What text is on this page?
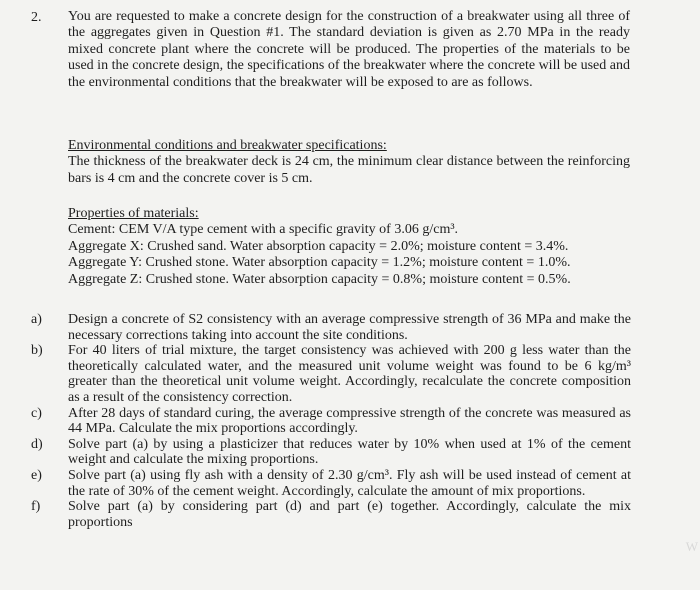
2. You are requested to make a concrete design for the construction of a breakwater using all three of the aggregates given in Question #1. The standard deviation is given as 2.70 MPa in the ready mixed concrete plant where the concrete will be produced. The properties of the materials to be used in the concrete design, the specifications of the breakwater where the concrete will be used and the environmental conditions that the breakwater will be exposed to are as follows.

Environmental conditions and breakwater specifications:
The thickness of the breakwater deck is 24 cm, the minimum clear distance between the reinforcing bars is 4 cm and the concrete cover is 5 cm.
Properties of materials:
Cement: CEM V/A type cement with a specific gravity of 3.06 g/cm³.
Aggregate X: Crushed sand. Water absorption capacity = 2.0%; moisture content = 3.4%.
Aggregate Y: Crushed stone. Water absorption capacity = 1.2%; moisture content = 1.0%.
Aggregate Z: Crushed stone. Water absorption capacity = 0.8%; moisture content = 0.5%.
a) Design a concrete of S2 consistency with an average compressive strength of 36 MPa and make the necessary corrections taking into account the site conditions.
b) For 40 liters of trial mixture, the target consistency was achieved with 200 g less water than the theoretically calculated water, and the measured unit volume weight was found to be 6 kg/m³ greater than the theoretical unit volume weight. Accordingly, recalculate the concrete composition as a result of the consistency correction.
c) After 28 days of standard curing, the average compressive strength of the concrete was measured as 44 MPa. Calculate the mix proportions accordingly.
d) Solve part (a) by using a plasticizer that reduces water by 10% when used at 1% of the cement weight and calculate the mixing proportions.
e) Solve part (a) using fly ash with a density of 2.30 g/cm³. Fly ash will be used instead of cement at the rate of 30% of the cement weight. Accordingly, calculate the amount of mix proportions.
f) Solve part (a) by considering part (d) and part (e) together. Accordingly, calculate the mix proportions
W
